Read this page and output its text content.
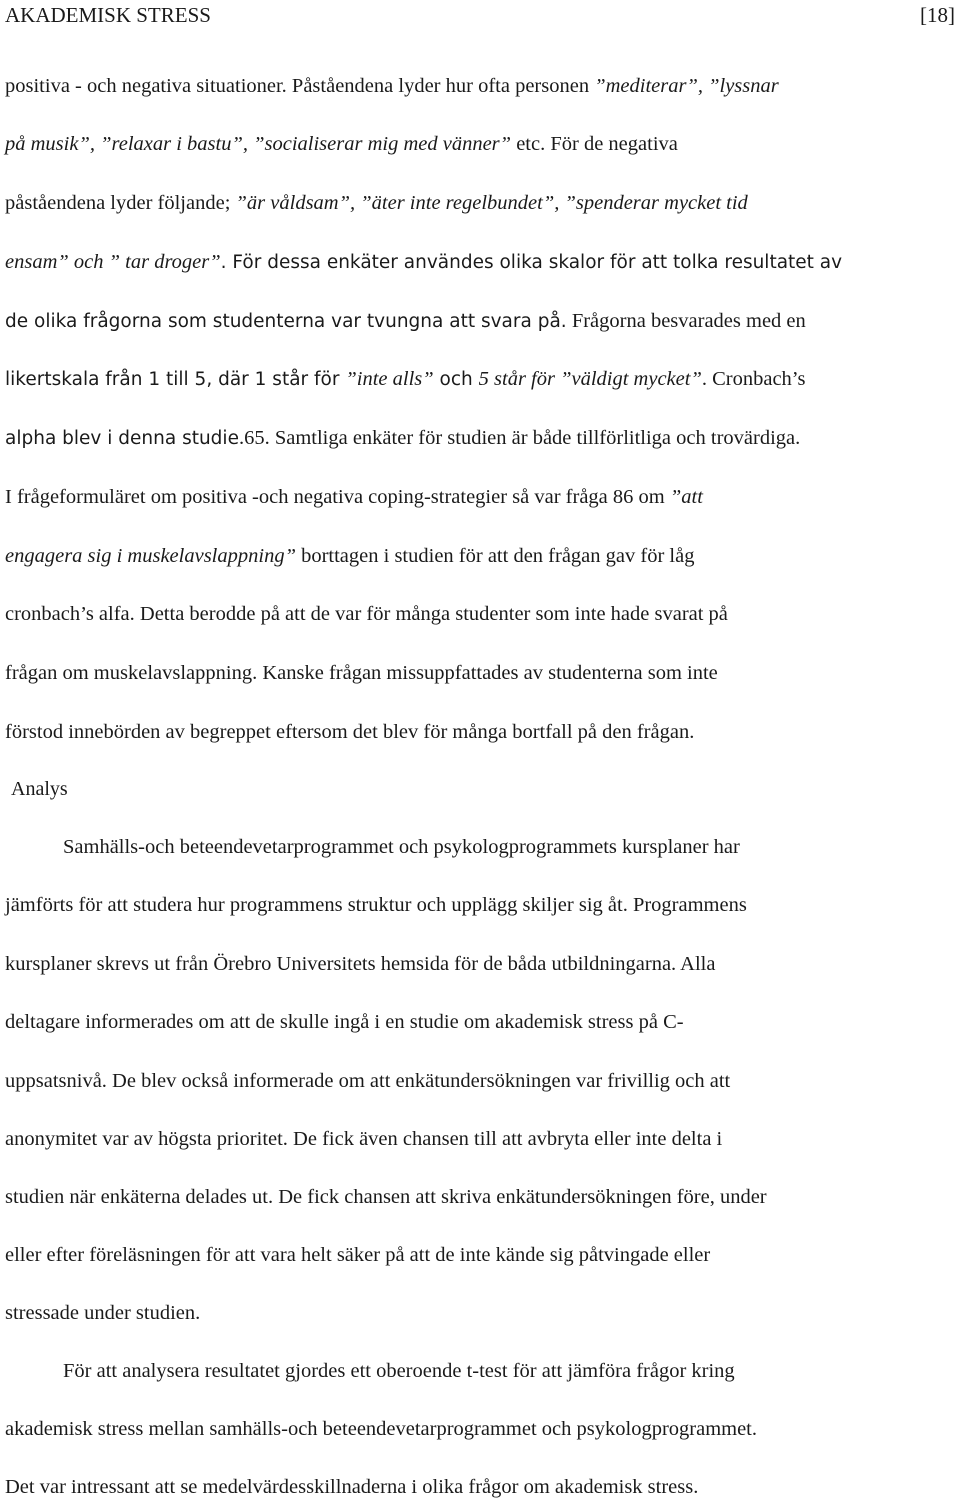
AKADEMISK STRESS	[18]
positiva - och negativa situationer. Påståendena lyder hur ofta personen ”mediterar”, ”lyssnar
på musik”, ”relaxar i bastu”, ”socialiserar mig med vänner” etc. För de negativa
påståendena lyder följande; ”är våldsam”, ”äter inte regelbundet”, ”spenderar mycket tid
ensam” och ” tar droger”. För dessa enkäter användes olika skalor för att tolka resultatet av
de olika frågorna som studenterna var tvungna att svara på. Frågorna besvarades med en
likertskala från 1 till 5, där 1 står för ”inte alls” och 5 står för ”väldigt mycket”. Cronbach’s
alpha blev i denna studie.65. Samtliga enkäter för studien är både tillförlitliga och trovärdiga.
I frågeformuläret om positiva -och negativa coping-strategier så var fråga 86 om ”att
engagera sig i muskelavslappning” borttagen i studien för att den frågan gav för låg
cronbach’s alfa. Detta berodde på att de var för många studenter som inte hade svarat på
frågan om muskelavslappning. Kanske frågan missuppfattades av studenterna som inte
förstod innebörden av begreppet eftersom det blev för många bortfall på den frågan.
Analys
Samhälls-och beteendevetarprogrammet och psykologprogrammets kursplaner har
jämförts för att studera hur programmens struktur och upplägg skiljer sig åt. Programmens
kursplaner skrevs ut från Örebro Universitets hemsida för de båda utbildningarna. Alla
deltagare informerades om att de skulle ingå i en studie om akademisk stress på C-
uppsatsnivå. De blev också informerade om att enkätundersökningen var frivillig och att
anonymitet var av högsta prioritet. De fick även chansen till att avbryta eller inte delta i
studien när enkäterna delades ut. De fick chansen att skriva enkätundersökningen före, under
eller efter föreläsningen för att vara helt säker på att de inte kände sig påtvingade eller
stressade under studien.
För att analysera resultatet gjordes ett oberoende t-test för att jämföra frågor kring
akademisk stress mellan samhälls-och beteendevetarprogrammet och psykologprogrammet.
Det var intressant att se medelvärdesskillnaderna i olika frågor om akademisk stress.
